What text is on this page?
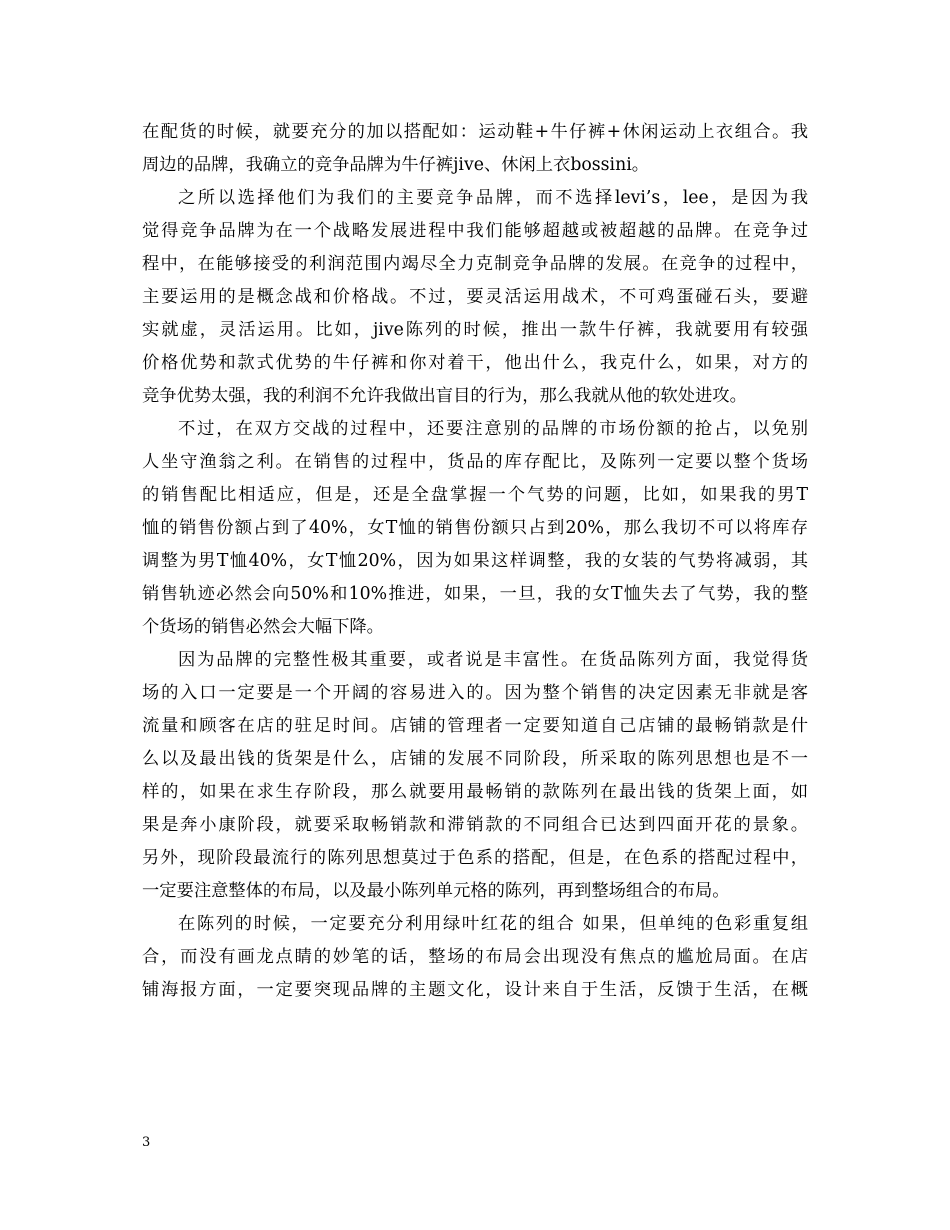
在配货的时候，就要充分的加以搭配如：运动鞋+牛仔裤+休闲运动上衣组合。我
周边的品牌，我确立的竞争品牌为牛仔裤jive、休闲上衣bossini。
之所以选择他们为我们的主要竞争品牌，而不选择levi’s，lee，是因为我
觉得竞争品牌为在一个战略发展进程中我们能够超越或被超越的品牌。在竞争过
程中，在能够接受的利润范围内竭尽全力克制竞争品牌的发展。在竞争的过程中，
主要运用的是概念战和价格战。不过，要灵活运用战术，不可鸡蛋碰石头，要避
实就虚，灵活运用。比如，jive陈列的时候，推出一款牛仔裤，我就要用有较强
价格优势和款式优势的牛仔裤和你对着干，他出什么，我克什么，如果，对方的
竞争优势太强，我的利润不允许我做出盲目的行为，那么我就从他的软处进攻。
不过，在双方交战的过程中，还要注意别的品牌的市场份额的抢占，以免别
人坐守渔翁之利。在销售的过程中，货品的库存配比，及陈列一定要以整个货场
的销售配比相适应，但是，还是全盘掌握一个气势的问题，比如，如果我的男T
恤的销售份额占到了40%，女T恤的销售份额只占到20%，那么我切不可以将库存
调整为男T恤40%，女T恤20%，因为如果这样调整，我的女装的气势将减弱，其
销售轨迹必然会向50%和10%推进，如果，一旦，我的女T恤失去了气势，我的整
个货场的销售必然会大幅下降。
因为品牌的完整性极其重要，或者说是丰富性。在货品陈列方面，我觉得货
场的入口一定要是一个开阔的容易进入的。因为整个销售的决定因素无非就是客
流量和顾客在店的驻足时间。店铺的管理者一定要知道自己店铺的最畅销款是什
么以及最出钱的货架是什么，店铺的发展不同阶段，所采取的陈列思想也是不一
样的，如果在求生存阶段，那么就要用最畅销的款陈列在最出钱的货架上面，如
果是奔小康阶段，就要采取畅销款和滞销款的不同组合已达到四面开花的景象。
另外，现阶段最流行的陈列思想莫过于色系的搭配，但是，在色系的搭配过程中，
一定要注意整体的布局，以及最小陈列单元格的陈列，再到整场组合的布局。
在陈列的时候，一定要充分利用绿叶红花的组合 如果，但单纯的色彩重复组
合，而没有画龙点睛的妙笔的话，整场的布局会出现没有焦点的尴尬局面。在店
铺海报方面，一定要突现品牌的主题文化，设计来自于生活，反馈于生活，在概
3
